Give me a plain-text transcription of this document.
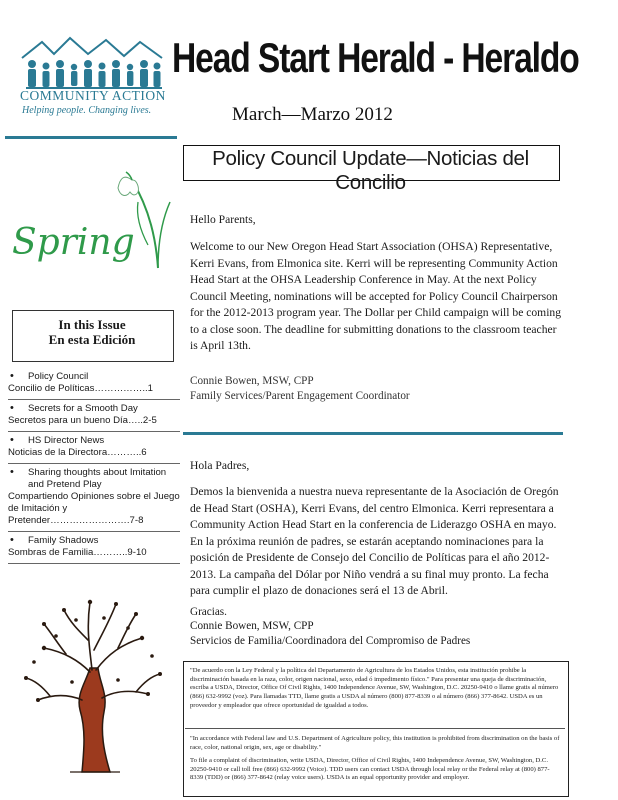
COMMUNITY ACTION
Helping people. Changing lives.
Head Start Herald - Heraldo
March—Marzo 2012
Spring
In this Issue
En esta Edición
• Policy Council
Concilio de Políticas……………..1
• Secrets for a Smooth Day
Secretos para un bueno Día…..2-5
• HS Director News
Noticias de la Directora………..6
• Sharing thoughts about Imitation and Pretend Play
Compartiendo Opiniones sobre el Juego de Imitación y Pretender…………………….7-8
• Family Shadows
Sombras de Familia………..9-10
Policy Council Update—Noticias del Concilio
Hello Parents,
Welcome to our New Oregon Head Start Association (OHSA) Representative, Kerri Evans, from Elmonica site. Kerri will be representing Community Action Head Start at the OHSA Leadership Conference in May. At the next Policy Council Meeting, nominations will be accepted for Policy Council Chairperson for the 2012-2013 program year. The Dollar per Child campaign will be coming to a close soon. The deadline for submitting donations to the classroom teacher is April 13th.
Connie Bowen, MSW, CPP
Family Services/Parent Engagement Coordinator
Hola Padres,
Demos la bienvenida a nuestra nueva representante de la Asociación de Oregón de Head Start (OSHA), Kerri Evans, del centro Elmonica. Kerri representara a Community Action Head Start en la conferencia de Liderazgo OSHA en mayo. En la próxima reunión de padres, se estarán aceptando nominaciones para la posición de Presidente de Consejo del Concilio de Políticas para el año 2012-2013. La campaña del Dólar por Niño vendrá a su final muy pronto. La fecha para cumplir el plazo de donaciones será el 13 de Abril.
Gracias.
Connie Bowen, MSW, CPP
Servicios de Familia/Coordinadora del Compromiso de Padres
"De acuerdo con la Ley Federal y la política del Departamento de Agricultura de los Estados Unidos, esta institución prohibe la discriminación basada en la raza, color, origen nacional, sexo, edad ó impedimento físico." Para presentar una queja de discriminación, escriba a USDA, Director, Office Of Civil Rights, 1400 Independence Avenue, SW, Washington, D.C. 20250-9410 o llame gratis al número (866) 632-9992 (voz). Para llamadas TTD, llame gratis a USDA al número (800) 877-8339 o al número (866) 377-8642. USDA es un proveedor y empleador que ofrece oportunidad de igualdad a todos.
"In accordance with Federal law and U.S. Department of Agriculture policy, this institution is prohibited from discrimination on the basis of race, color, national origin, sex, age or disability."
To file a complaint of discrimination, write USDA, Director, Office of Civil Rights, 1400 Independence Avenue, SW, Washington, D.C. 20250-9410 or call toll free (866) 632-9992 (Voice). TDD users can contact USDA through local relay or the Federal relay at (800) 877-8339 (TDD) or (866) 377-8642 (relay voice users). USDA is an equal opportunity provider and employer.
